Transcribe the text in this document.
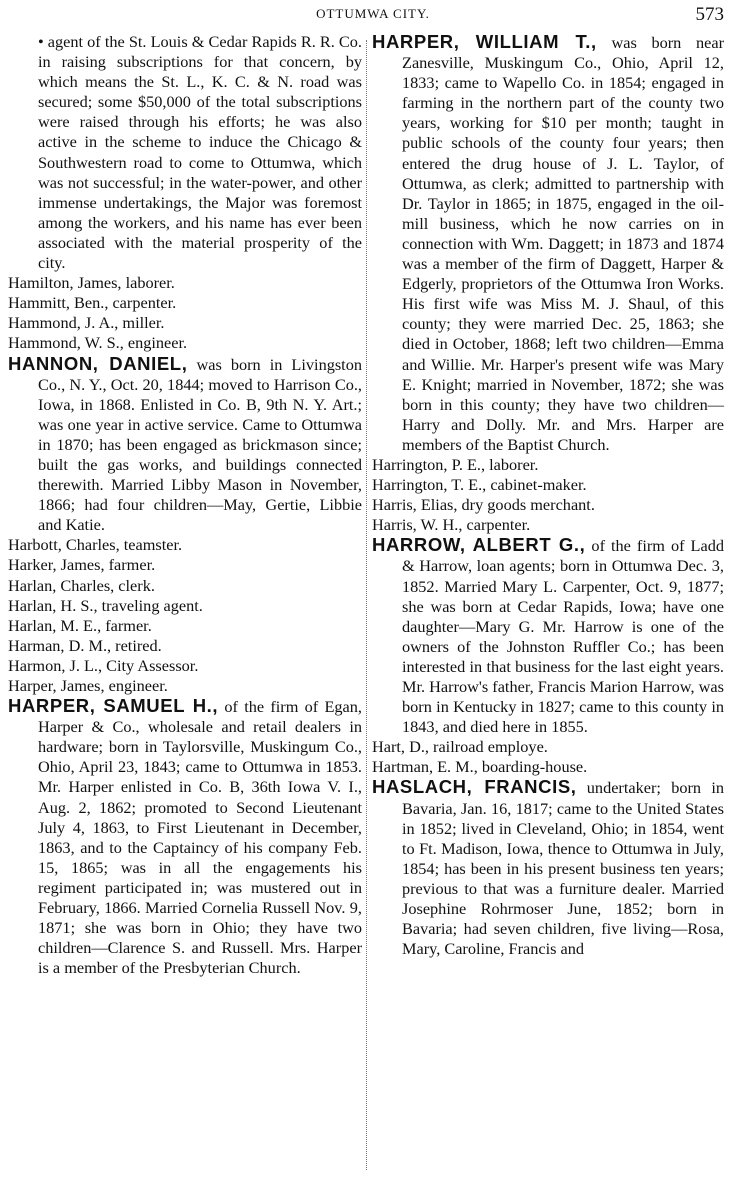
OTTUMWA CITY.	573

• agent of the St. Louis & Cedar Rapids R. R. Co. in raising subscriptions for that concern, by which means the St. L., K. C. & N. road was secured; some $50,000 of the total subscriptions were raised through his efforts; he was also active in the scheme to induce the Chicago & Southwestern road to come to Ottumwa, which was not successful; in the water-power, and other immense undertakings, the Major was foremost among the workers, and his name has ever been associated with the material prosperity of the city.

Hamilton, James, laborer.

Hammitt, Ben., carpenter.

Hammond, J. A., miller.

Hammond, W. S., engineer.

HANNON, DANIEL, was born in Livingston Co., N. Y., Oct. 20, 1844; moved to Harrison Co., Iowa, in 1868. Enlisted in Co. B, 9th N. Y. Art.; was one year in active service. Came to Ottumwa in 1870; has been engaged as brickmason since; built the gas works, and buildings connected therewith. Married Libby Mason in November, 1866; had four children—May, Gertie, Libbie and Katie.

Harbott, Charles, teamster.

Harker, James, farmer.

Harlan, Charles, clerk.

Harlan, H. S., traveling agent.

Harlan, M. E., farmer.

Harman, D. M., retired.

Harmon, J. L., City Assessor.

Harper, James, engineer.

HARPER, SAMUEL H., of the firm of Egan, Harper & Co., wholesale and retail dealers in hardware; born in Taylorsville, Muskingum Co., Ohio, April 23, 1843; came to Ottumwa in 1853. Mr. Harper enlisted in Co. B, 36th Iowa V. I., Aug. 2, 1862; promoted to Second Lieutenant July 4, 1863, to First Lieutenant in December, 1863, and to the Captaincy of his company Feb. 15, 1865; was in all the engagements his regiment participated in; was mustered out in February, 1866. Married Cornelia Russell Nov. 9, 1871; she was born in Ohio; they have two children—Clarence S. and Russell. Mrs. Harper is a member of the Presbyterian Church.

HARPER, WILLIAM T., was born near Zanesville, Muskingum Co., Ohio, April 12, 1833; came to Wapello Co. in 1854; engaged in farming in the northern part of the county two years, working for $10 per month; taught in public schools of the county four years; then entered the drug house of J. L. Taylor, of Ottumwa, as clerk; admitted to partnership with Dr. Taylor in 1865; in 1875, engaged in the oil-mill business, which he now carries on in connection with Wm. Daggett; in 1873 and 1874 was a member of the firm of Daggett, Harper & Edgerly, proprietors of the Ottumwa Iron Works. His first wife was Miss M. J. Shaul, of this county; they were married Dec. 25, 1863; she died in October, 1868; left two children—Emma and Willie. Mr. Harper's present wife was Mary E. Knight; married in November, 1872; she was born in this county; they have two children—Harry and Dolly. Mr. and Mrs. Harper are members of the Baptist Church.

Harrington, P. E., laborer.

Harrington, T. E., cabinet-maker.

Harris, Elias, dry goods merchant.

Harris, W. H., carpenter.

HARROW, ALBERT G., of the firm of Ladd & Harrow, loan agents; born in Ottumwa Dec. 3, 1852. Married Mary L. Carpenter, Oct. 9, 1877; she was born at Cedar Rapids, Iowa; have one daughter—Mary G. Mr. Harrow is one of the owners of the Johnston Ruffler Co.; has been interested in that business for the last eight years. Mr. Harrow's father, Francis Marion Harrow, was born in Kentucky in 1827; came to this county in 1843, and died here in 1855.

Hart, D., railroad employe.

Hartman, E. M., boarding-house.

HASLACH, FRANCIS, undertaker; born in Bavaria, Jan. 16, 1817; came to the United States in 1852; lived in Cleveland, Ohio; in 1854, went to Ft. Madison, Iowa, thence to Ottumwa in July, 1854; has been in his present business ten years; previous to that was a furniture dealer. Married Josephine Rohrmoser June, 1852; born in Bavaria; had seven children, five living—Rosa, Mary, Caroline, Francis and
